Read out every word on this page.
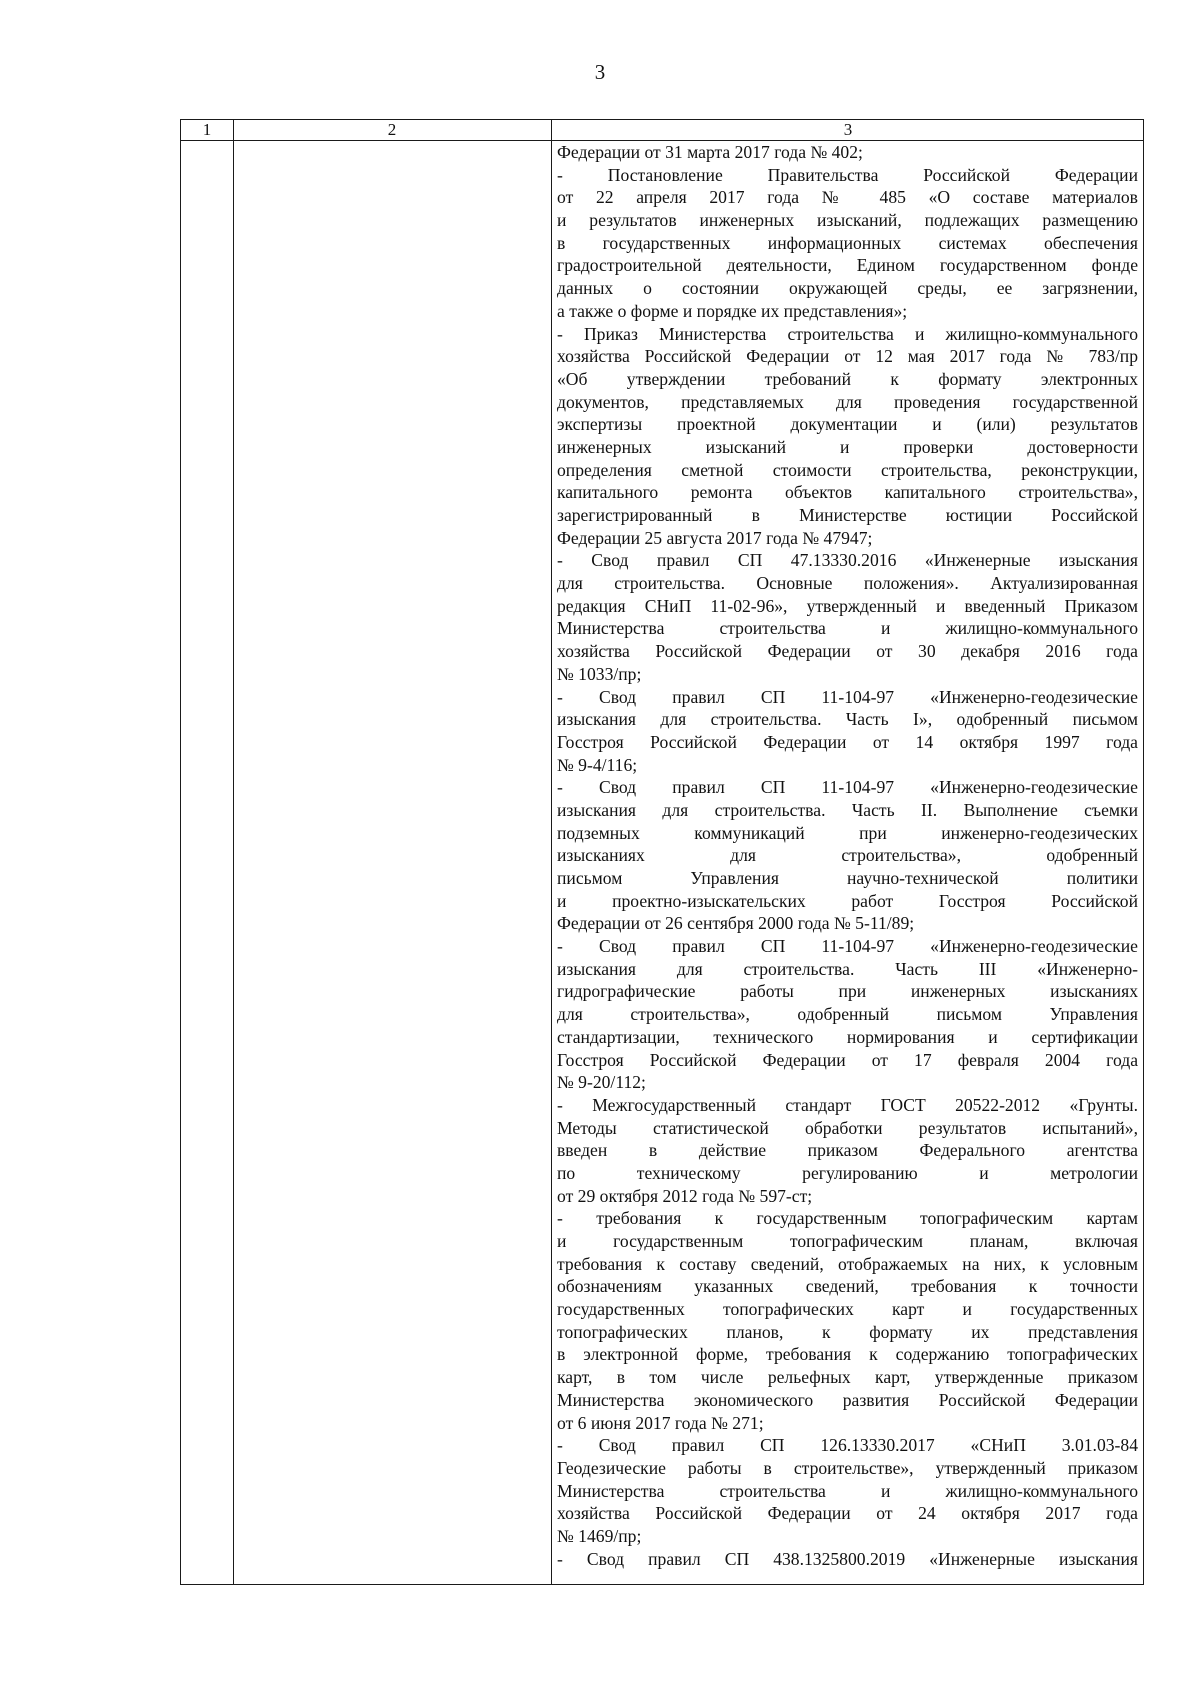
3
1	2	3
Федерации от 31 марта 2017 года № 402;
- Постановление Правительства Российской Федерации
от 22 апреля 2017 года № 485 «О составе материалов
и результатов инженерных изысканий, подлежащих размещению
в государственных информационных системах обеспечения
градостроительной деятельности, Едином государственном фонде
данных о состоянии окружающей среды, ее загрязнении,
а также о форме и порядке их представления»;
- Приказ Министерства строительства и жилищно-коммунального
хозяйства Российской Федерации от 12 мая 2017 года № 783/пр
«Об утверждении требований к формату электронных
документов, представляемых для проведения государственной
экспертизы проектной документации и (или) результатов
инженерных изысканий и проверки достоверности
определения сметной стоимости строительства, реконструкции,
капитального ремонта объектов капитального строительства»,
зарегистрированный в Министерстве юстиции Российской
Федерации 25 августа 2017 года № 47947;
- Свод правил СП 47.13330.2016 «Инженерные изыскания
для строительства. Основные положения». Актуализированная
редакция СНиП 11-02-96», утвержденный и введенный Приказом
Министерства строительства и жилищно-коммунального
хозяйства Российской Федерации от 30 декабря 2016 года
№ 1033/пр;
- Свод правил СП 11-104-97 «Инженерно-геодезические
изыскания для строительства. Часть I», одобренный письмом
Госстроя Российской Федерации от 14 октября 1997 года
№ 9-4/116;
- Свод правил СП 11-104-97 «Инженерно-геодезические
изыскания для строительства. Часть II. Выполнение съемки
подземных коммуникаций при инженерно-геодезических
изысканиях для строительства», одобренный
письмом Управления научно-технической политики
и проектно-изыскательских работ Госстроя Российской
Федерации от 26 сентября 2000 года № 5-11/89;
- Свод правил СП 11-104-97 «Инженерно-геодезические
изыскания для строительства. Часть III «Инженерно-
гидрографические работы при инженерных изысканиях
для строительства», одобренный письмом Управления
стандартизации, технического нормирования и сертификации
Госстроя Российской Федерации от 17 февраля 2004 года
№ 9-20/112;
- Межгосударственный стандарт ГОСТ 20522-2012 «Грунты.
Методы статистической обработки результатов испытаний»,
введен в действие приказом Федерального агентства
по техническому регулированию и метрологии
от 29 октября 2012 года № 597-ст;
- требования к государственным топографическим картам
и государственным топографическим планам, включая
требования к составу сведений, отображаемых на них, к условным
обозначениям указанных сведений, требования к точности
государственных топографических карт и государственных
топографических планов, к формату их представления
в электронной форме, требования к содержанию топографических
карт, в том числе рельефных карт, утвержденные приказом
Министерства экономического развития Российской Федерации
от 6 июня 2017 года № 271;
- Свод правил СП 126.13330.2017 «СНиП 3.01.03-84
Геодезические работы в строительстве», утвержденный приказом
Министерства строительства и жилищно-коммунального
хозяйства Российской Федерации от 24 октября 2017 года
№ 1469/пр;
- Свод правил СП 438.1325800.2019 «Инженерные изыскания
